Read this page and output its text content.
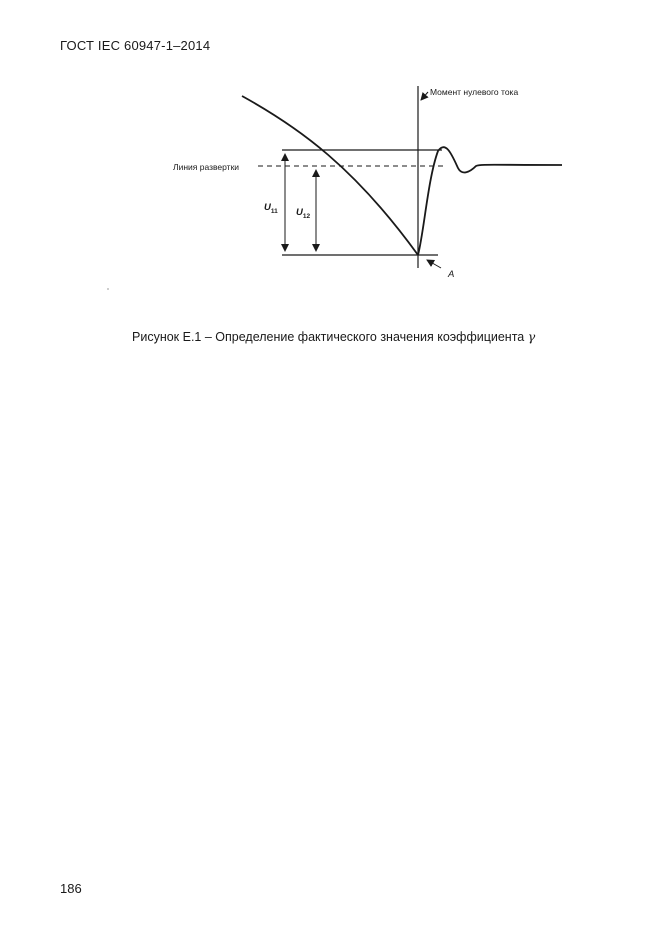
ГОСТ IEC 60947-1–2014
Момент нулевого тока
Линия развертки
U11 U12
A
Рисунок E.1 – Определение фактического значения коэффициента γ
186
